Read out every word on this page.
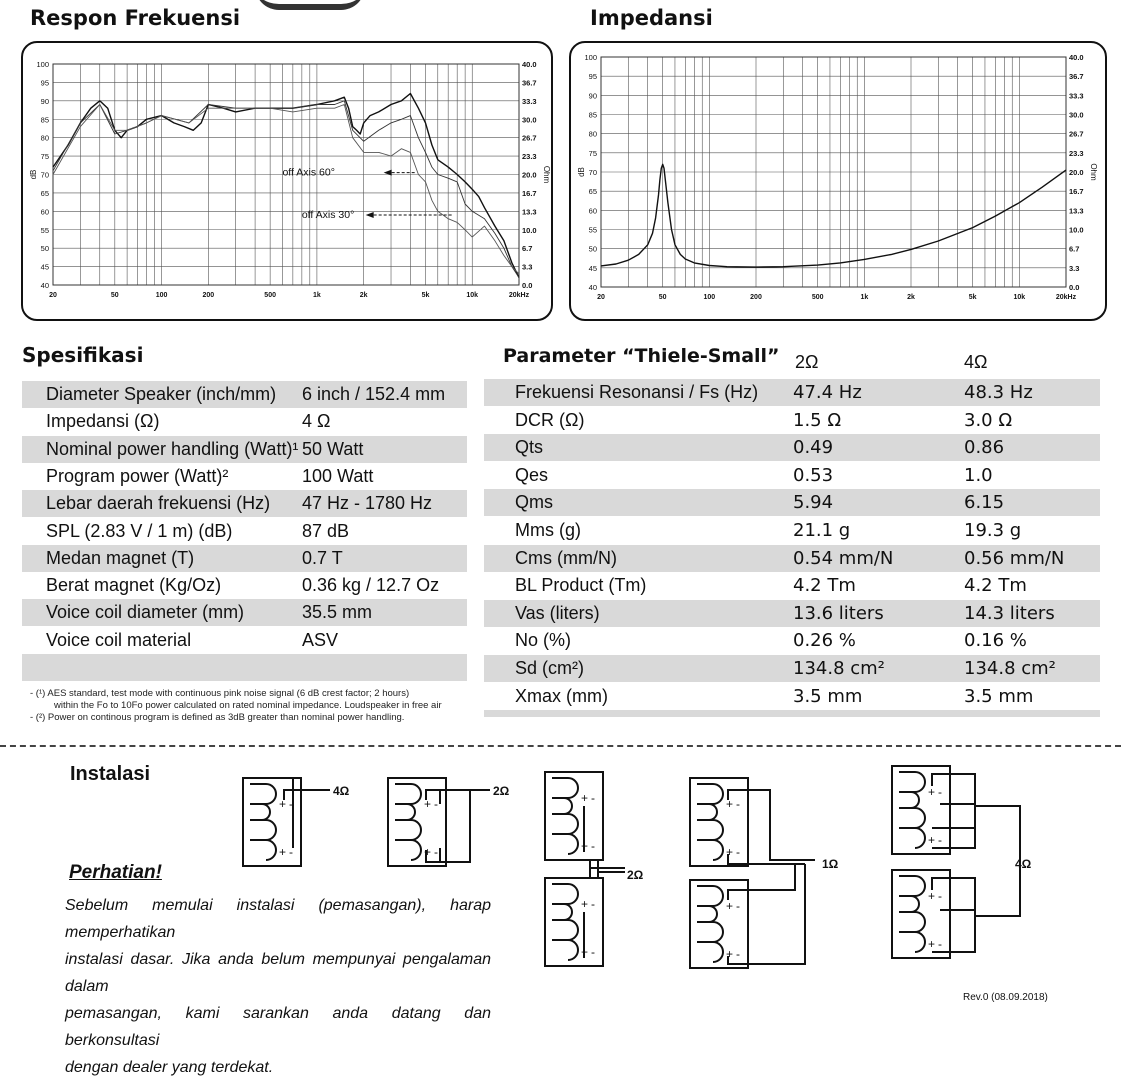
Respon Frekuensi	Impedansi
40
45
50
55
60
65
70
75
80
85
90
95
100
0.0
3.3
6.7
10.0
13.3
16.7
20.0
23.3
26.7
30.0
33.3
36.7
40.0
20	50	100	200	500	1k	2k	5k	10k	20kHz
dB	Ohm
off Axis 60°
off Axis 30°
40
45
50
55
60
65
70
75
80
85
90
95
100
0.0
3.3
6.7
10.0
13.3
16.7
20.0
23.3
26.7
30.0
33.3
36.7
40.0
20	50	100	200	500	1k	2k	5k	10k	20kHz
dB	Ohm
Spesifikasi
Diameter Speaker (inch/mm) 6 inch / 152.4 mm
Impedansi (Ω)	4 Ω
Nominal power handling (Watt)¹ 50 Watt
Program power (Watt)²	100 Watt
Lebar daerah frekuensi (Hz) 47 Hz - 1780 Hz
SPL (2.83 V / 1 m) (dB)	87 dB
Medan magnet (T)	0.7 T
Berat magnet (Kg/Oz)	0.36 kg / 12.7 Oz
Voice coil diameter (mm)	35.5 mm
Voice coil material	ASV
- (¹) AES standard, test mode with continuous pink noise signal (6 dB crest factor; 2 hours)
within the Fo to 10Fo power calculated on rated nominal impedance. Loudspeaker in free air
- (²) Power on continous program is defined as 3dB greater than nominal power handling.
Parameter “Thiele-Small” 2Ω	4Ω
Frekuensi Resonansi / Fs (Hz) 47.4 Hz	48.3 Hz
DCR (Ω)	1.5 Ω	3.0 Ω
Qts	0.49	0.86
Qes	0.53	1.0
Qms	5.94	6.15
Mms (g)	21.1 g	19.3 g
Cms (mm/N)	0.54 mm/N	0.56 mm/N
BL Product (Tm)	4.2 Tm	4.2 Tm
Vas (liters)	13.6 liters	14.3 liters
No (%)	0.26 %	0.16 %
Sd (cm²)	134.8 cm²	134.8 cm²
Xmax (mm)	3.5 mm	3.5 mm
Instalasi
+ -
+ -
+ -
+ -
+ -
+ -
+ -
+ -
+ -
+ -
+ -
+ -
+ -
+ -
+ -
+ -
4Ω	2Ω
2Ω
1Ω	4Ω
Perhatian!
Sebelum memulai instalasi (pemasangan), harap memperhatikan
instalasi dasar. Jika anda belum mempunyai pengalaman dalam
pemasangan, kami sarankan anda datang dan berkonsultasi
dengan dealer yang terdekat.
Rev.0 (08.09.2018)
